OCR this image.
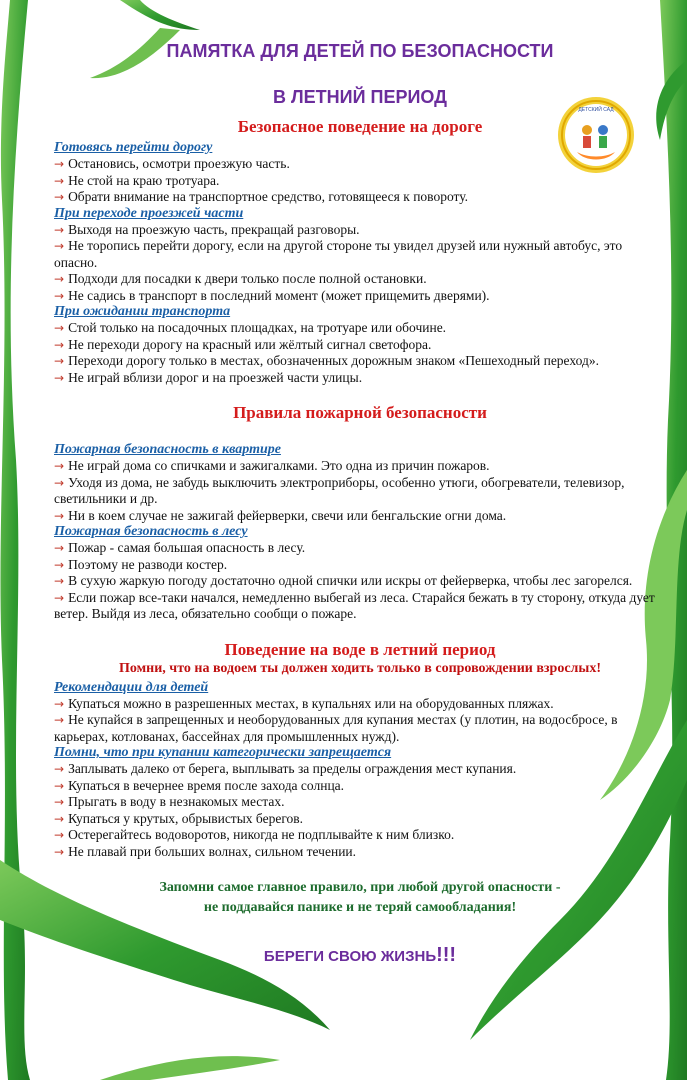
ДЕТСКИЙ САД
ПАМЯТКА ДЛЯ ДЕТЕЙ ПО БЕЗОПАСНОСТИ
В ЛЕТНИЙ ПЕРИОД
Безопасное поведение на дороге
Готовясь перейти дорогу
→ Остановись, осмотри проезжую часть.
→ Не стой на краю тротуара.
→ Обрати внимание на транспортное средство, готовящееся к повороту.
При переходе проезжей части
→ Выходя на проезжую часть, прекращай разговоры.
→ Не торопись перейти дорогу, если на другой стороне ты увидел друзей или нужный автобус, это опасно.
→ Подходи для посадки к двери только после полной остановки.
→ Не садись в транспорт в последний момент (может прищемить дверями).
При ожидании транспорта
→ Стой только на посадочных площадках, на тротуаре или обочине.
→ Не переходи дорогу на красный или жёлтый сигнал светофора.
→ Переходи дорогу только в местах, обозначенных дорожным знаком «Пешеходный переход».
→ Не играй вблизи дорог и на проезжей части улицы.
Правила пожарной безопасности
Пожарная безопасность в квартире
→ Не играй дома со спичками и зажигалками. Это одна из причин пожаров.
→ Уходя из дома, не забудь выключить электроприборы, особенно утюги, обогреватели, телевизор, светильники и др.
→ Ни в коем случае не зажигай фейерверки, свечи или бенгальские огни дома.
Пожарная безопасность в лесу
→ Пожар - самая большая опасность в лесу.
→ Поэтому не разводи костер.
→ В сухую жаркую погоду достаточно одной спички или искры от фейерверка, чтобы лес загорелся.
→ Если пожар все-таки начался, немедленно выбегай из леса. Старайся бежать в ту сторону, откуда дует ветер. Выйдя из леса, обязательно сообщи о пожаре.
Поведение на воде в летний период
Помни, что на водоем ты должен ходить только в сопровождении взрослых!
Рекомендации для детей
→ Купаться можно в разрешенных местах, в купальнях или на оборудованных пляжах.
→ Не купайся в запрещенных и необорудованных для купания местах (у плотин, на водосбросе, в карьерах, котлованах, бассейнах для промышленных нужд).
Помни, что при купании категорически запрещается
→ Заплывать далеко от берега, выплывать за пределы ограждения мест купания.
→ Купаться в вечернее время после захода солнца.
→ Прыгать в воду в незнакомых местах.
→ Купаться у крутых, обрывистых берегов.
→ Остерегайтесь водоворотов, никогда не подплывайте к ним близко.
→ Не плавай при больших волнах, сильном течении.
Запомни самое главное правило, при любой другой опасности -
не поддавайся панике и не теряй самообладания!
БЕРЕГИ СВОЮ ЖИЗНЬ!!!
